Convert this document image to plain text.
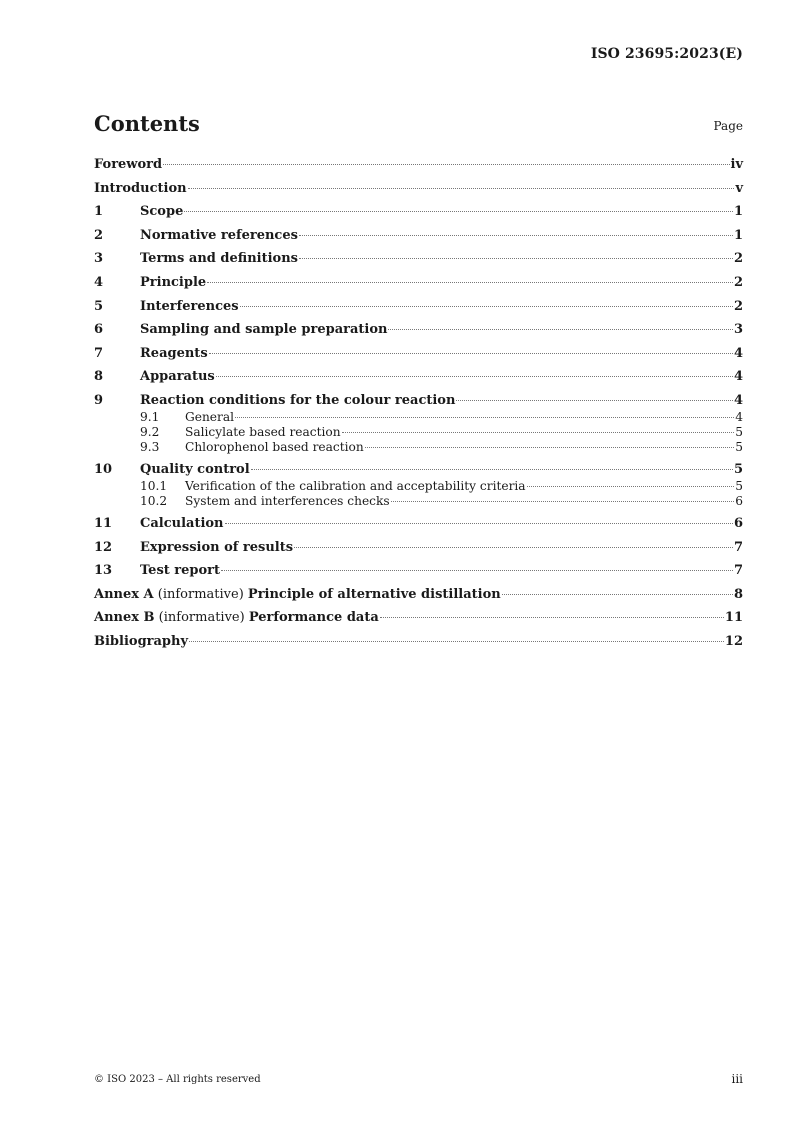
ISO 23695:2023(E)
Contents	Page
Foreword	iv
Introduction	v
1	Scope	1
2	Normative references	1
3	Terms and definitions	2
4	Principle	2
5	Interferences	2
6	Sampling and sample preparation	3
7	Reagents	4
8	Apparatus	4
9	Reaction conditions for the colour reaction	4
9.1	General	4
9.2	Salicylate based reaction	5
9.3	Chlorophenol based reaction	5
10	Quality control	5
10.1	Verification of the calibration and acceptability criteria	5
10.2	System and interferences checks	6
11	Calculation	6
12	Expression of results	7
13	Test report	7
Annex A (informative) Principle of alternative distillation	8
Annex B (informative) Performance data	11
Bibliography	12
© ISO 2023 – All rights reserved	iii
